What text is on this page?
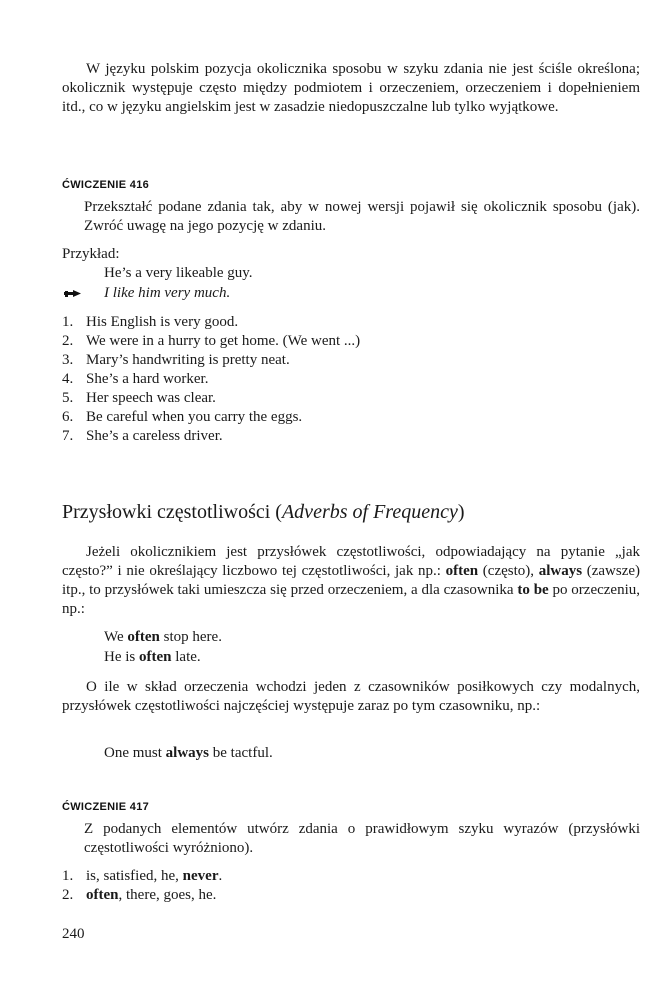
W języku polskim pozycja okolicznika sposobu w szyku zdania nie jest ściśle określona; okolicznik występuje często między podmiotem i orzeczeniem, orzeczeniem i dopełnieniem itd., co w języku angielskim jest w zasadzie niedopuszczalne lub tylko wyjątkowe.

ĆWICZENIE 416

Przekształć podane zdania tak, aby w nowej wersji pojawił się okolicznik sposobu (jak). Zwróć uwagę na jego pozycję w zdaniu.

Przykład:
He’s a very likeable guy.
I like him very much.
1. His English is very good.
2. We were in a hurry to get home. (We went ...)
3. Mary’s handwriting is pretty neat.
4. She’s a hard worker.
5. Her speech was clear.
6. Be careful when you carry the eggs.
7. She’s a careless driver.
Przysłowki częstotliwości (Adverbs of Frequency)

Jeżeli okolicznikiem jest przysłówek częstotliwości, odpowiadający na pytanie „jak często?” i nie określający liczbowo tej częstotliwości, jak np.: often (często), always (zawsze) itp., to przysłówek taki umieszcza się przed orzeczeniem, a dla czasownika to be po orzeczeniu, np.:

We often stop here.
He is often late.

O ile w skład orzeczenia wchodzi jeden z czasowników posiłkowych czy modalnych, przysłówek częstotliwości najczęściej występuje zaraz po tym czasowniku, np.:

One must always be tactful.
ĆWICZENIE 417

Z podanych elementów utwórz zdania o prawidłowym szyku wyrazów (przysłówki częstotliwości wyróżniono).

1. is, satisfied, he, never.
2. often, there, goes, he.
240
